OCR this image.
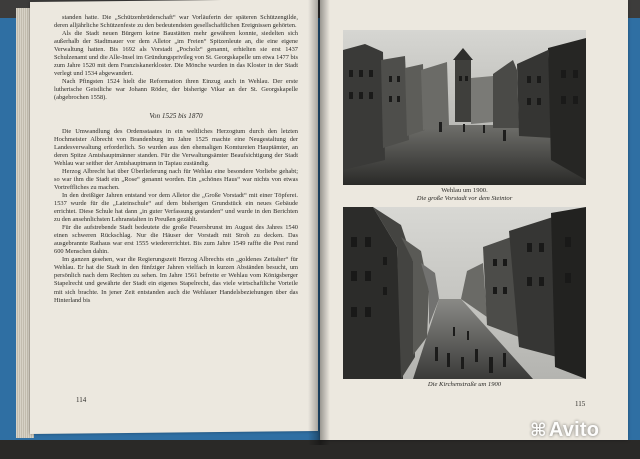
standen hatte. Die „Schützenbrüderschaft“ war Vorläuferin der späteren Schützengilde, deren alljährliche Schützenfeste zu den bedeutendsten gesellschaftlichen Ereignissen gehörten.

Als die Stadt neuen Bürgern keine Baustätten mehr gewähren konnte, siedelten sich außerhalb der Stadtmauer vor dem Alletor „im Freien“ Spitzenleute an, die eine eigene Verwaltung hatten. Bis 1692 als Vorstadt „Pocholz“ genannt, erhielten sie erst 1437 Schulzenamt und die Alle-Insel im Gründungsprivileg von St. Georgskapelle um etwa 1477 bis zum Jahre 1520 mit dem Franziskanerkloster. Die Mönche wurden in das Kloster in der Stadt verlegt und 1534 abgewandert.

Nach Pfingsten 1524 hielt die Reformation ihren Einzug auch in Wehlau. Der erste lutherische Geistliche war Johann Röder, der bisherige Vikar an der St. Georgskapelle (abgebrochen 1558).

Von 1525 bis 1870

Die Umwandlung des Ordensstaates in ein weltliches Herzogtum durch den letzten Hochmeister Albrecht von Brandenburg im Jahre 1525 machte eine Neugestaltung der Landesverwaltung erforderlich. So wurden aus den ehemaligen Komtureien Hauptämter, an deren Spitze Amtshauptmänner standen. Für die Verwaltungsämter Beaufsichtigung der Stadt Wehlau war seither der Amtshauptmann in Tapiau zuständig.

Herzog Albrecht hat über Überlieferung nach für Wehlau eine besondere Vorliebe gehabt; so war ihm die Stadt ein „Rose“ genannt worden. Ein „schönes Haus“ war nichts von etwas Vortreffliches zu machen.

In den dreißiger Jahren entstand vor dem Alletor die „Große Vorstadt“ mit einer Töpferei. 1537 wurde für die „Lateinschule“ auf dem bisherigen Grundstück ein neues Gebäude errichtet. Diese Schule hat dann „in guter Verfassung gestanden“ und wurde in den Berichten zu den ansehnlichsten Lehranstalten in Preußen gezählt.

Für die aufstrebende Stadt bedeutete die große Feuersbrunst im August des Jahres 1540 einen schweren Rückschlag. Nur die Häuser der Vorstadt mit Stroh zu decken. Das ausgebrannte Rathaus war erst 1555 wiedererrichtet. Bis zum Jahre 1549 raffte die Pest rund 600 Menschen dahin.

Im ganzen gesehen, war die Regierungszeit Herzog Albrechts ein „goldenes Zeitalter“ für Wehlau. Er hat die Stadt in den fünfziger Jahren vielfach in kurzen Abständen besucht, um persönlich nach dem Rechten zu sehen. Im Jahre 1561 befreite er Wehlau vom Königsberger Stapelrecht und gewährte der Stadt ein eigenes Stapelrecht, das viele wirtschaftliche Vorteile mit sich brachte. In jener Zeit entstanden auch die Wehlauer Handelsbeziehungen über das Hinterland bis

114
Wehlau um 1900.
Die große Vorstadt vor dem Steintor
Die Kirchenstraße um 1900
115
⌘ Avito
